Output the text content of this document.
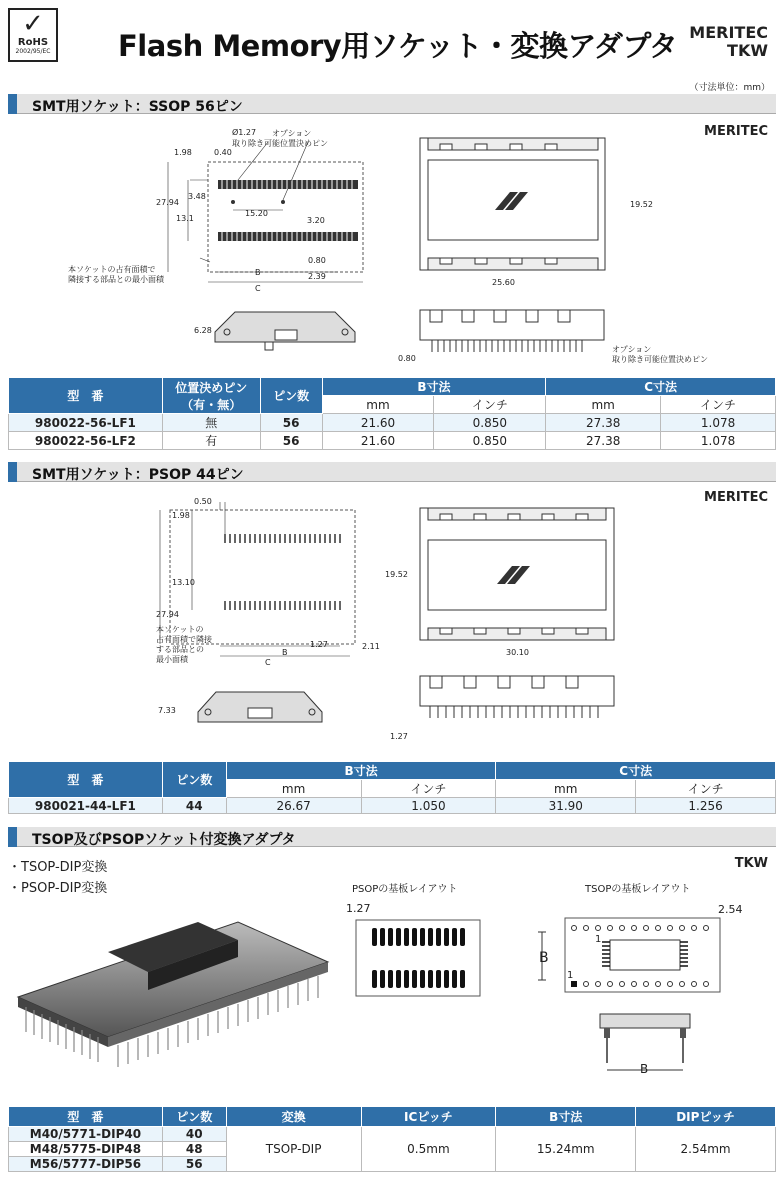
✓
RoHS
2002/95/EC Flash Memory用ソケット・変換アダプタ MERITEC
TKW
（寸法単位：mm）
SMT用ソケット：SSOP 56ピン
MERITEC
Ø1.27 オプション
取り除き可能位置決めピン
1.98	0.40
3.48
27.94
13.1
15.20
3.20
0.80
2.39
B
C
本ソケットの占有面積で
隣接する部品との最小面積
6.28
19.52
25.60
0.80
オプション
取り除き可能位置決めピン
型　番	位置決めピン
（有・無）	ピン数	B寸法		C寸法	
			mm	インチ	mm	インチ
980022-56-LF1	無	56	21.60	0.850	27.38	1.078
980022-56-LF2	有	56	21.60	0.850	27.38	1.078
SMT用ソケット：PSOP 44ピン
MERITEC
0.50
1.98
13.10
27.94
1.27	2.11
B
C
本ソケットの
占有面積で隣接
する部品との
最小面積
7.33
19.52
30.10
1.27
型　番	ピン数	B寸法		C寸法	
		mm	インチ	mm	インチ
980021-44-LF1	44	26.67	1.050	31.90	1.256
TSOP及びPSOPソケット付変換アダプタ
・TSOP-DIP変換
・PSOP-DIP変換
TKW
PSOPの基板レイアウト
1.27
TSOPの基板レイアウト
2.54
B
1
1
B
型　番	ピン数	変換	ICピッチ	B寸法	DIPピッチ
M40/5771-DIP40	40	TSOP-DIP	0.5mm	15.24mm	2.54mm
M48/5775-DIP48	48				
M56/5777-DIP56	56				
